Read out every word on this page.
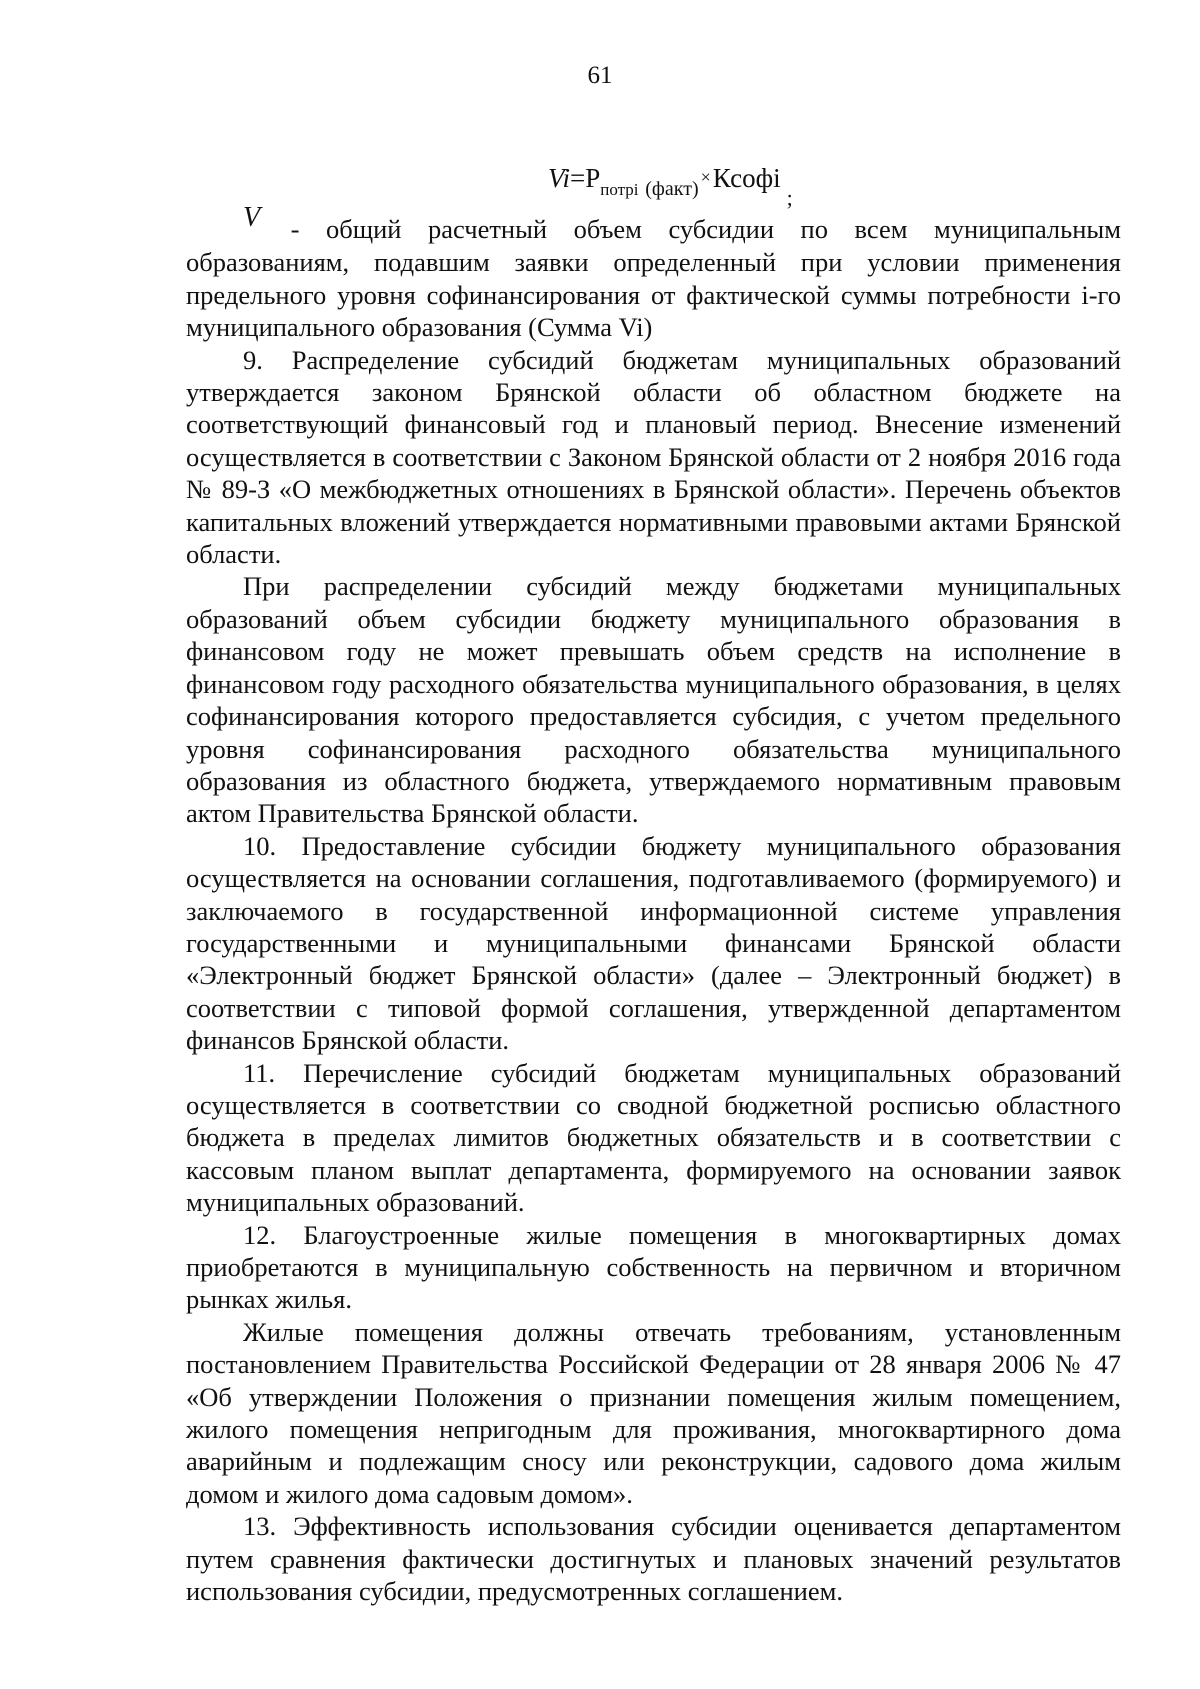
61
$Vi=P_{потрi}$ $_{(факт)}$×Ксофi$_;$

V - общий расчетный объем субсидии по всем муниципальным образованиям, подавшим заявки определенный при условии применения предельного уровня софинансирования от фактической суммы потребности i-го муниципального образования (Сумма Vi)

9. Распределение субсидий бюджетам муниципальных образований утверждается законом Брянской области об областном бюджете на соответствующий финансовый год и плановый период. Внесение изменений осуществляется в соответствии с Законом Брянской области от 2 ноября 2016 года № 89-З «О межбюджетных отношениях в Брянской области». Перечень объектов капитальных вложений утверждается нормативными правовыми актами Брянской области.

При распределении субсидий между бюджетами муниципальных образований объем субсидии бюджету муниципального образования в финансовом году не может превышать объем средств на исполнение в финансовом году расходного обязательства муниципального образования, в целях софинансирования которого предоставляется субсидия, с учетом предельного уровня софинансирования расходного обязательства муниципального образования из областного бюджета, утверждаемого нормативным правовым актом Правительства Брянской области.

10. Предоставление субсидии бюджету муниципального образования осуществляется на основании соглашения, подготавливаемого (формируемого) и заключаемого в государственной информационной системе управления государственными и муниципальными финансами Брянской области «Электронный бюджет Брянской области» (далее – Электронный бюджет) в соответствии с типовой формой соглашения, утвержденной департаментом финансов Брянской области.

11. Перечисление субсидий бюджетам муниципальных образований осуществляется в соответствии со сводной бюджетной росписью областного бюджета в пределах лимитов бюджетных обязательств и в соответствии с кассовым планом выплат департамента, формируемого на основании заявок муниципальных образований.

12. Благоустроенные жилые помещения в многоквартирных домах приобретаются в муниципальную собственность на первичном и вторичном рынках жилья.

Жилые помещения должны отвечать требованиям, установленным постановлением Правительства Российской Федерации от 28 января 2006 № 47 «Об утверждении Положения о признании помещения жилым помещением, жилого помещения непригодным для проживания, многоквартирного дома аварийным и подлежащим сносу или реконструкции, садового дома жилым домом и жилого дома садовым домом».

13. Эффективность использования субсидии оценивается департаментом путем сравнения фактически достигнутых и плановых значений результатов использования субсидии, предусмотренных соглашением.
